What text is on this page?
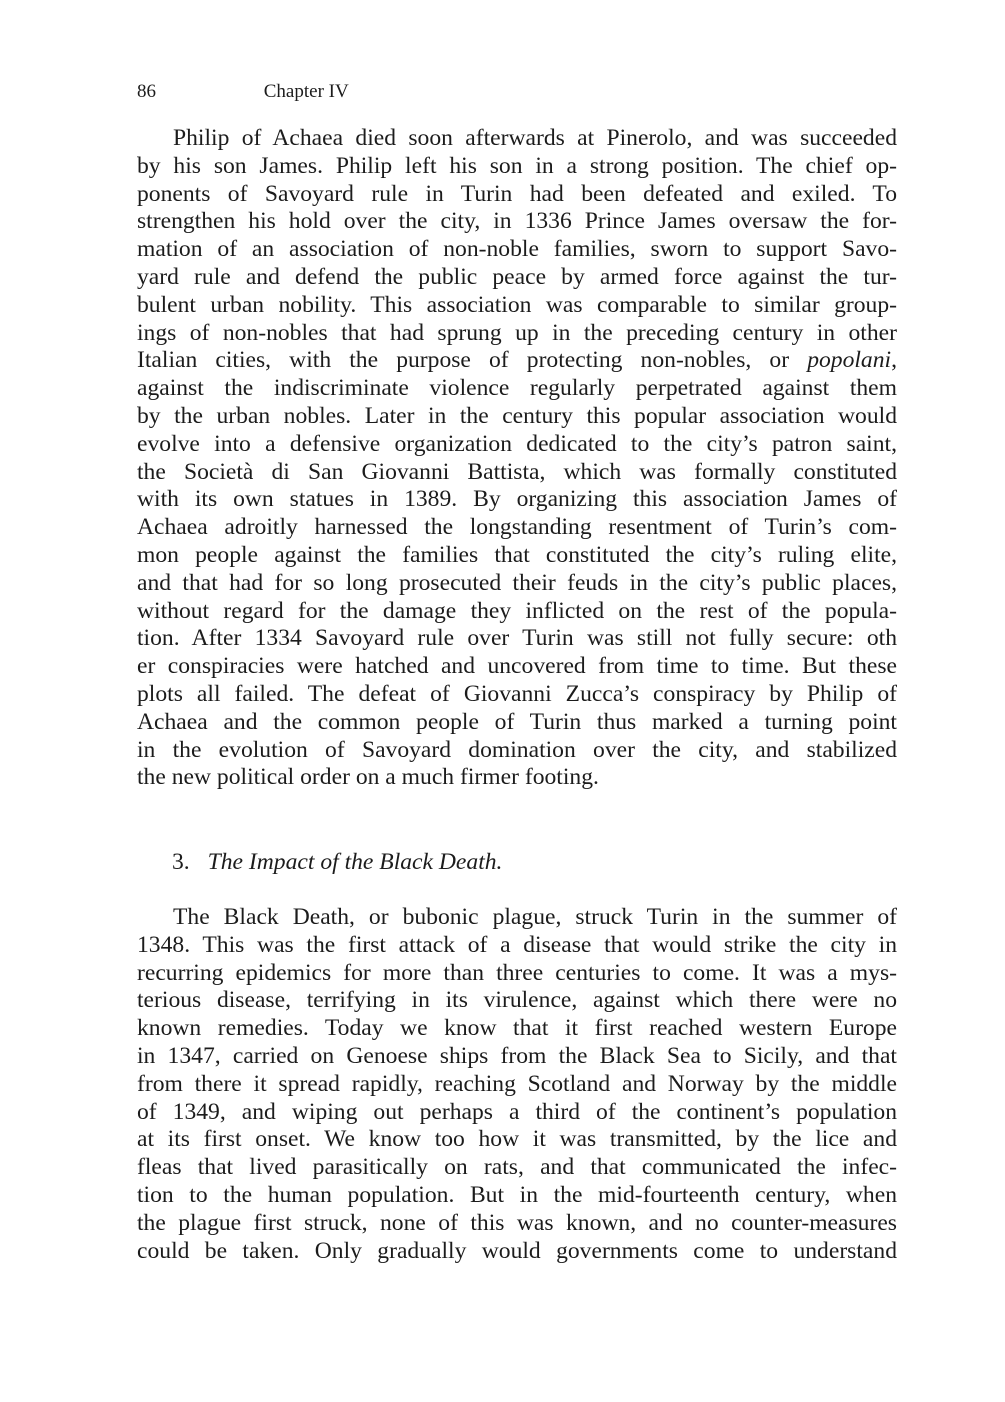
86	Chapter IV
Philip of Achaea died soon afterwards at Pinerolo, and was succeeded
by his son James. Philip left his son in a strong position. The chief op-
ponents of Savoyard rule in Turin had been defeated and exiled. To
strengthen his hold over the city, in 1336 Prince James oversaw the for-
mation of an association of non-noble families, sworn to support Savo-
yard rule and defend the public peace by armed force against the tur-
bulent urban nobility. This association was comparable to similar group-
ings of non-nobles that had sprung up in the preceding century in other
Italian cities, with the purpose of protecting non-nobles, or popolani,
against the indiscriminate violence regularly perpetrated against them
by the urban nobles. Later in the century this popular association would
evolve into a defensive organization dedicated to the city’s patron saint,
the Società di San Giovanni Battista, which was formally constituted
with its own statues in 1389. By organizing this association James of
Achaea adroitly harnessed the longstanding resentment of Turin’s com-
mon people against the families that constituted the city’s ruling elite,
and that had for so long prosecuted their feuds in the city’s public places,
without regard for the damage they inflicted on the rest of the popula-
tion. After 1334 Savoyard rule over Turin was still not fully secure: oth
er conspiracies were hatched and uncovered from time to time. But these
plots all failed. The defeat of Giovanni Zucca’s conspiracy by Philip of
Achaea and the common people of Turin thus marked a turning point
in the evolution of Savoyard domination over the city, and stabilized
the new political order on a much firmer footing.
3. The Impact of the Black Death.
The Black Death, or bubonic plague, struck Turin in the summer of
1348. This was the first attack of a disease that would strike the city in
recurring epidemics for more than three centuries to come. It was a mys-
terious disease, terrifying in its virulence, against which there were no
known remedies. Today we know that it first reached western Europe
in 1347, carried on Genoese ships from the Black Sea to Sicily, and that
from there it spread rapidly, reaching Scotland and Norway by the middle
of 1349, and wiping out perhaps a third of the continent’s population
at its first onset. We know too how it was transmitted, by the lice and
fleas that lived parasitically on rats, and that communicated the infec-
tion to the human population. But in the mid-fourteenth century, when
the plague first struck, none of this was known, and no counter-measures
could be taken. Only gradually would governments come to understand
